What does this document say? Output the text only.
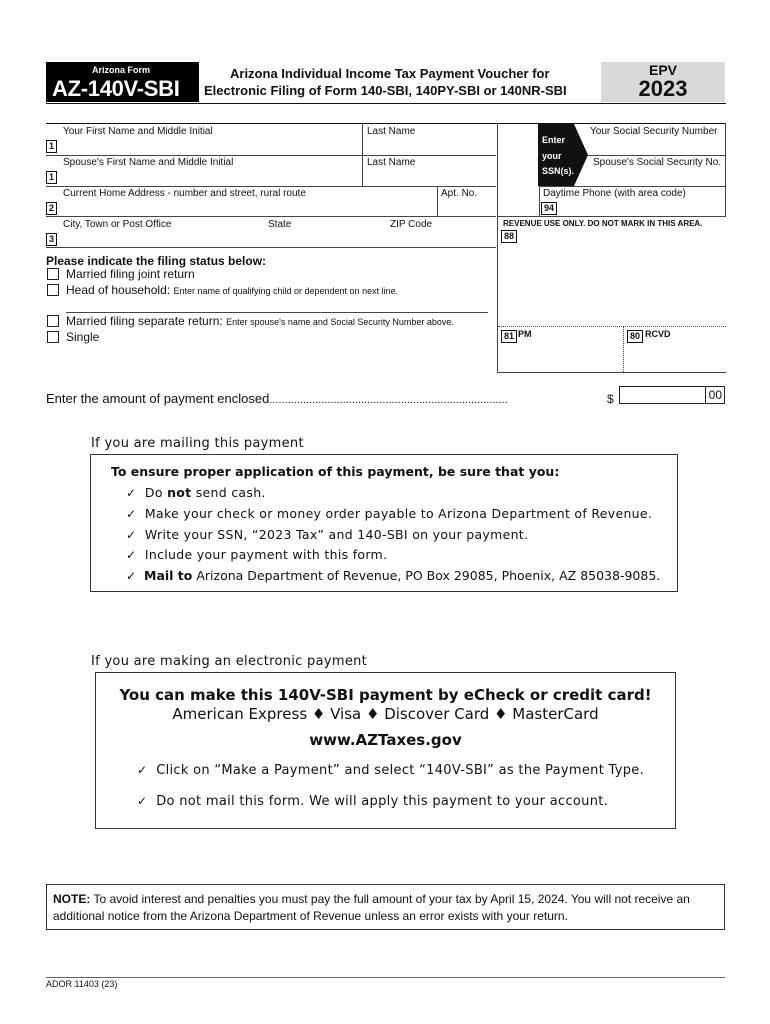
Arizona Form
AZ-140V-SBI
Arizona Individual Income Tax Payment Voucher for
Electronic Filing of Form 140-SBI, 140PY-SBI or 140NR-SBI
EPV
2023
Enter
your
SSN(s).
1
1
2
3
94
Your First Name and Middle Initial	Last Name
Spouse's First Name and Middle Initial	Last Name
Current Home Address - number and street, rural route	Apt. No.
City, Town or Post Office	State	ZIP Code
Your Social Security Number
Spouse's Social Security No.
Daytime Phone (with area code)
REVENUE USE ONLY. DO NOT MARK IN THIS AREA.
88
81 PM	80 RCVD
Please indicate the filing status below:
Married filing joint return
Head of household: Enter name of qualifying child or dependent on next line.
Married filing separate return: Enter spouse's name and Social Security Number above.
Single
Enter the amount of payment enclosed..............................................................................	$	00
If you are mailing this payment
To ensure proper application of this payment, be sure that you:
✓ Do not send cash.
✓ Make your check or money order payable to Arizona Department of Revenue.
✓ Write your SSN, “2023 Tax” and 140-SBI on your payment.
✓ Include your payment with this form.
✓ Mail to Arizona Department of Revenue, PO Box 29085, Phoenix, AZ 85038-9085.
If you are making an electronic payment
You can make this 140V-SBI payment by eCheck or credit card!
American Express ♦ Visa ♦ Discover Card ♦ MasterCard
www.AZTaxes.gov
✓ Click on “Make a Payment” and select “140V-SBI” as the Payment Type.
✓ Do not mail this form. We will apply this payment to your account.
NOTE: To avoid interest and penalties you must pay the full amount of your tax by April 15, 2024. You will not receive an additional notice from the Arizona Department of Revenue unless an error exists with your return.
ADOR 11403 (23)
